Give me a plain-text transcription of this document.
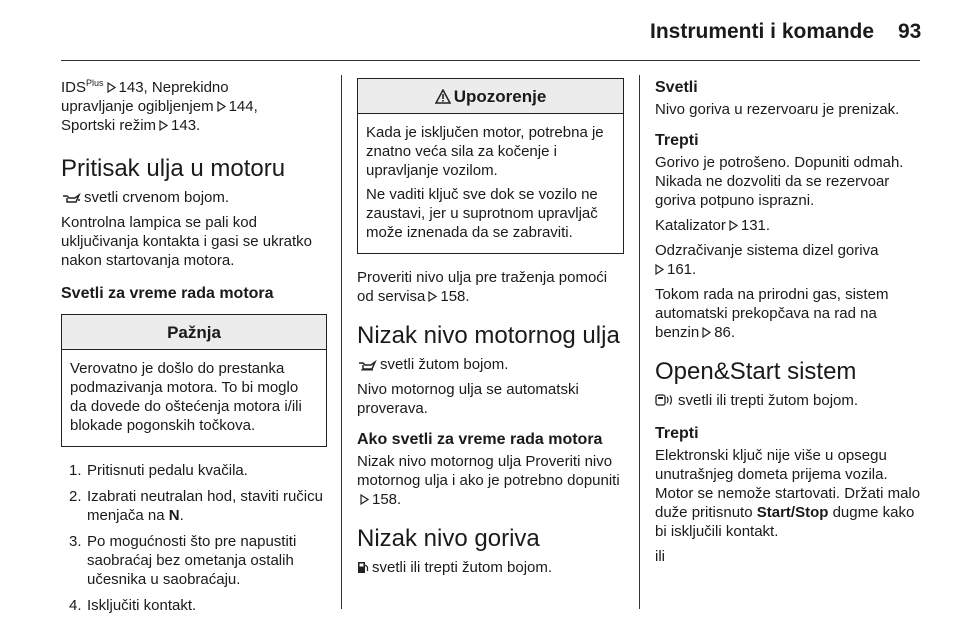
Instrumenti i komande 93

$IDS^{Plus}$ 143, Neprekidno
upravljanje ogibljenjem 144,
Sportski režim 143.

Pritisak ulja u motoru

svetli crvenom bojom.

Kontrolna lampica se pali kod uključivanja kontakta i gasi se ukratko nakon startovanja motora.

Svetli za vreme rada motora
Pažnja

Verovatno je došlo do prestanka podmazivanja motora. To bi moglo da dovede do oštećenja motora i/ili blokade pogonskih točkova.

1. Pritisnuti pedalu kvačila.
2. Izabrati neutralan hod, staviti ručicu menjača na N.
3. Po mogućnosti što pre napustiti saobraćaj bez ometanja ostalih učesnika u saobraćaju.
4. Isključiti kontakt.
Upozorenje

Kada je isključen motor, potrebna je znatno veća sila za kočenje i upravljanje vozilom.

Ne vaditi ključ sve dok se vozilo ne zaustavi, jer u suprotnom upravljač može iznenada da se zabraviti.

Proveriti nivo ulja pre traženja pomoći od servisa 158.

Nizak nivo motornog ulja

svetli žutom bojom.

Nivo motornog ulja se automatski proverava.

Ako svetli za vreme rada motora

Nizak nivo motornog ulja Proveriti nivo motornog ulja i ako je potrebno dopuniti158.

Nizak nivo goriva

svetli ili trepti žutom bojom.

Svetli

Nivo goriva u rezervoaru je prenizak.

Trepti

Gorivo je potrošeno. Dopuniti odmah. Nikada ne dozvoliti da se rezervoar goriva potpuno isprazni.

Katalizator 131.

Odzračivanje sistema dizel goriva
161.

Tokom rada na prirodni gas, sistem automatski prekopčava na rad na benzin 86.

Open&Start sistem

svetli ili trepti žutom bojom.

Trepti

Elektronski ključ nije više u opsegu unutrašnjeg dometa prijema vozila. Motor se nemože startovati. Držati malo duže pritisnuto Start/Stop dugme kako bi isključili kontakt.

ili
